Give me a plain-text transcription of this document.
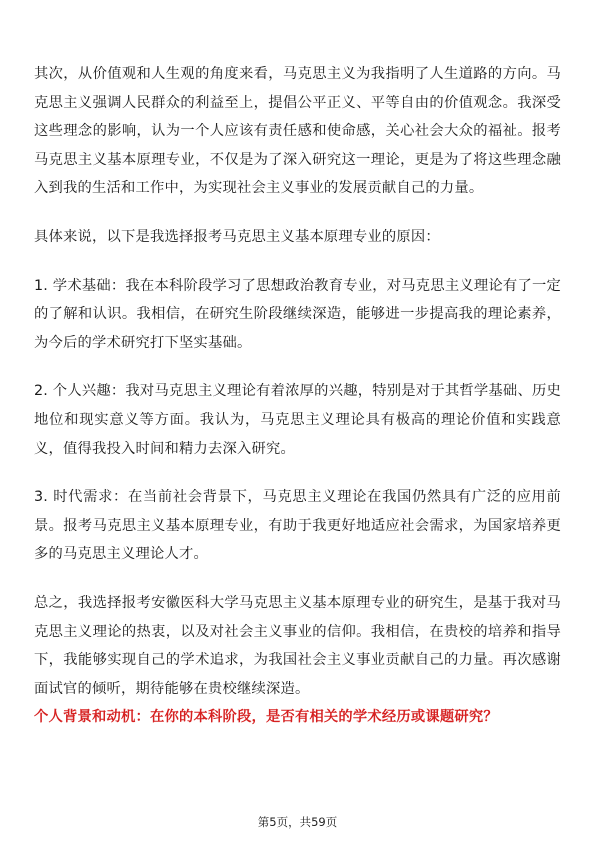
其次，从价值观和人生观的角度来看，马克思主义为我指明了人生道路的方向。马克思主义强调人民群众的利益至上，提倡公平正义、平等自由的价值观念。我深受这些理念的影响，认为一个人应该有责任感和使命感，关心社会大众的福祉。报考马克思主义基本原理专业，不仅是为了深入研究这一理论，更是为了将这些理念融入到我的生活和工作中，为实现社会主义事业的发展贡献自己的力量。

具体来说，以下是我选择报考马克思主义基本原理专业的原因：

1. 学术基础：我在本科阶段学习了思想政治教育专业，对马克思主义理论有了一定的了解和认识。我相信，在研究生阶段继续深造，能够进一步提高我的理论素养，为今后的学术研究打下坚实基础。

2. 个人兴趣：我对马克思主义理论有着浓厚的兴趣，特别是对于其哲学基础、历史地位和现实意义等方面。我认为，马克思主义理论具有极高的理论价值和实践意义，值得我投入时间和精力去深入研究。

3. 时代需求：在当前社会背景下，马克思主义理论在我国仍然具有广泛的应用前景。报考马克思主义基本原理专业，有助于我更好地适应社会需求，为国家培养更多的马克思主义理论人才。

总之，我选择报考安徽医科大学马克思主义基本原理专业的研究生，是基于我对马克思主义理论的热衷，以及对社会主义事业的信仰。我相信，在贵校的培养和指导下，我能够实现自己的学术追求，为我国社会主义事业贡献自己的力量。再次感谢面试官的倾听，期待能够在贵校继续深造。

个人背景和动机：在你的本科阶段，是否有相关的学术经历或课题研究？

第5页，共59页
